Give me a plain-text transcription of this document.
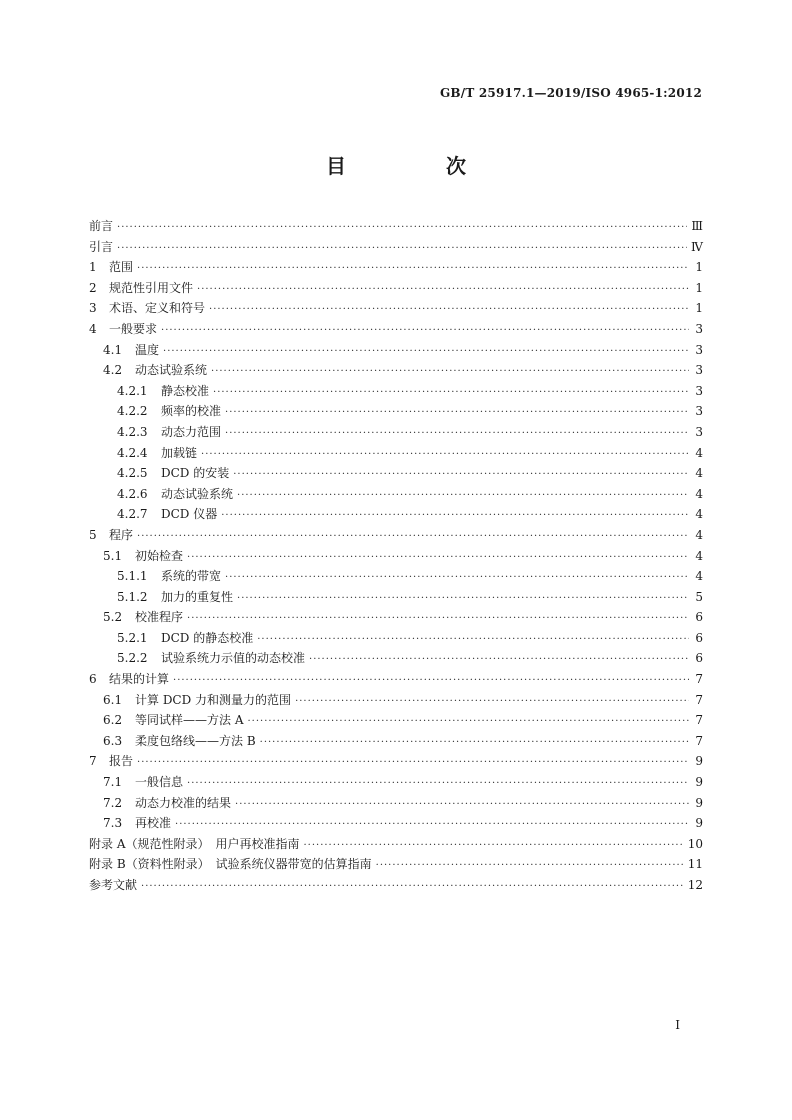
GB/T 25917.1—2019/ISO 4965-1:2012
目　次
前言 ·····	Ⅲ
引言 ·····	Ⅳ
1	范围 ·····	1
2	规范性引用文件 ·····	1
3	术语、定义和符号 ·····	1
4	一般要求 ·····	3
4.1	温度 ·····	3
4.2	动态试验系统 ·····	3
4.2.1	静态校准 ·····	3
4.2.2	频率的校准 ·····	3
4.2.3	动态力范围 ·····	3
4.2.4	加载链 ·····	4
4.2.5	DCD 的安装 ·····	4
4.2.6	动态试验系统 ·····	4
4.2.7	DCD 仪器 ·····	4
5	程序 ·····	4
5.1	初始检查 ·····	4
5.1.1	系统的带宽 ·····	4
5.1.2	加力的重复性 ·····	5
5.2	校准程序 ·····	6
5.2.1	DCD 的静态校准 ·····	6
5.2.2	试验系统力示值的动态校准 ·····	6
6	结果的计算 ·····	7
6.1	计算 DCD 力和测量力的范围 ·····	7
6.2	等同试样——方法 A ·····	7
6.3	柔度包络线——方法 B ·····	7
7	报告 ·····	9
7.1	一般信息 ·····	9
7.2	动态力校准的结果 ·····	9
7.3	再校准 ·····	9
附录 A（规范性附录）　用户再校准指南 ·····	10
附录 B（资料性附录）　试验系统仪器带宽的估算指南 ·····	11
参考文献 ·····	12
I
